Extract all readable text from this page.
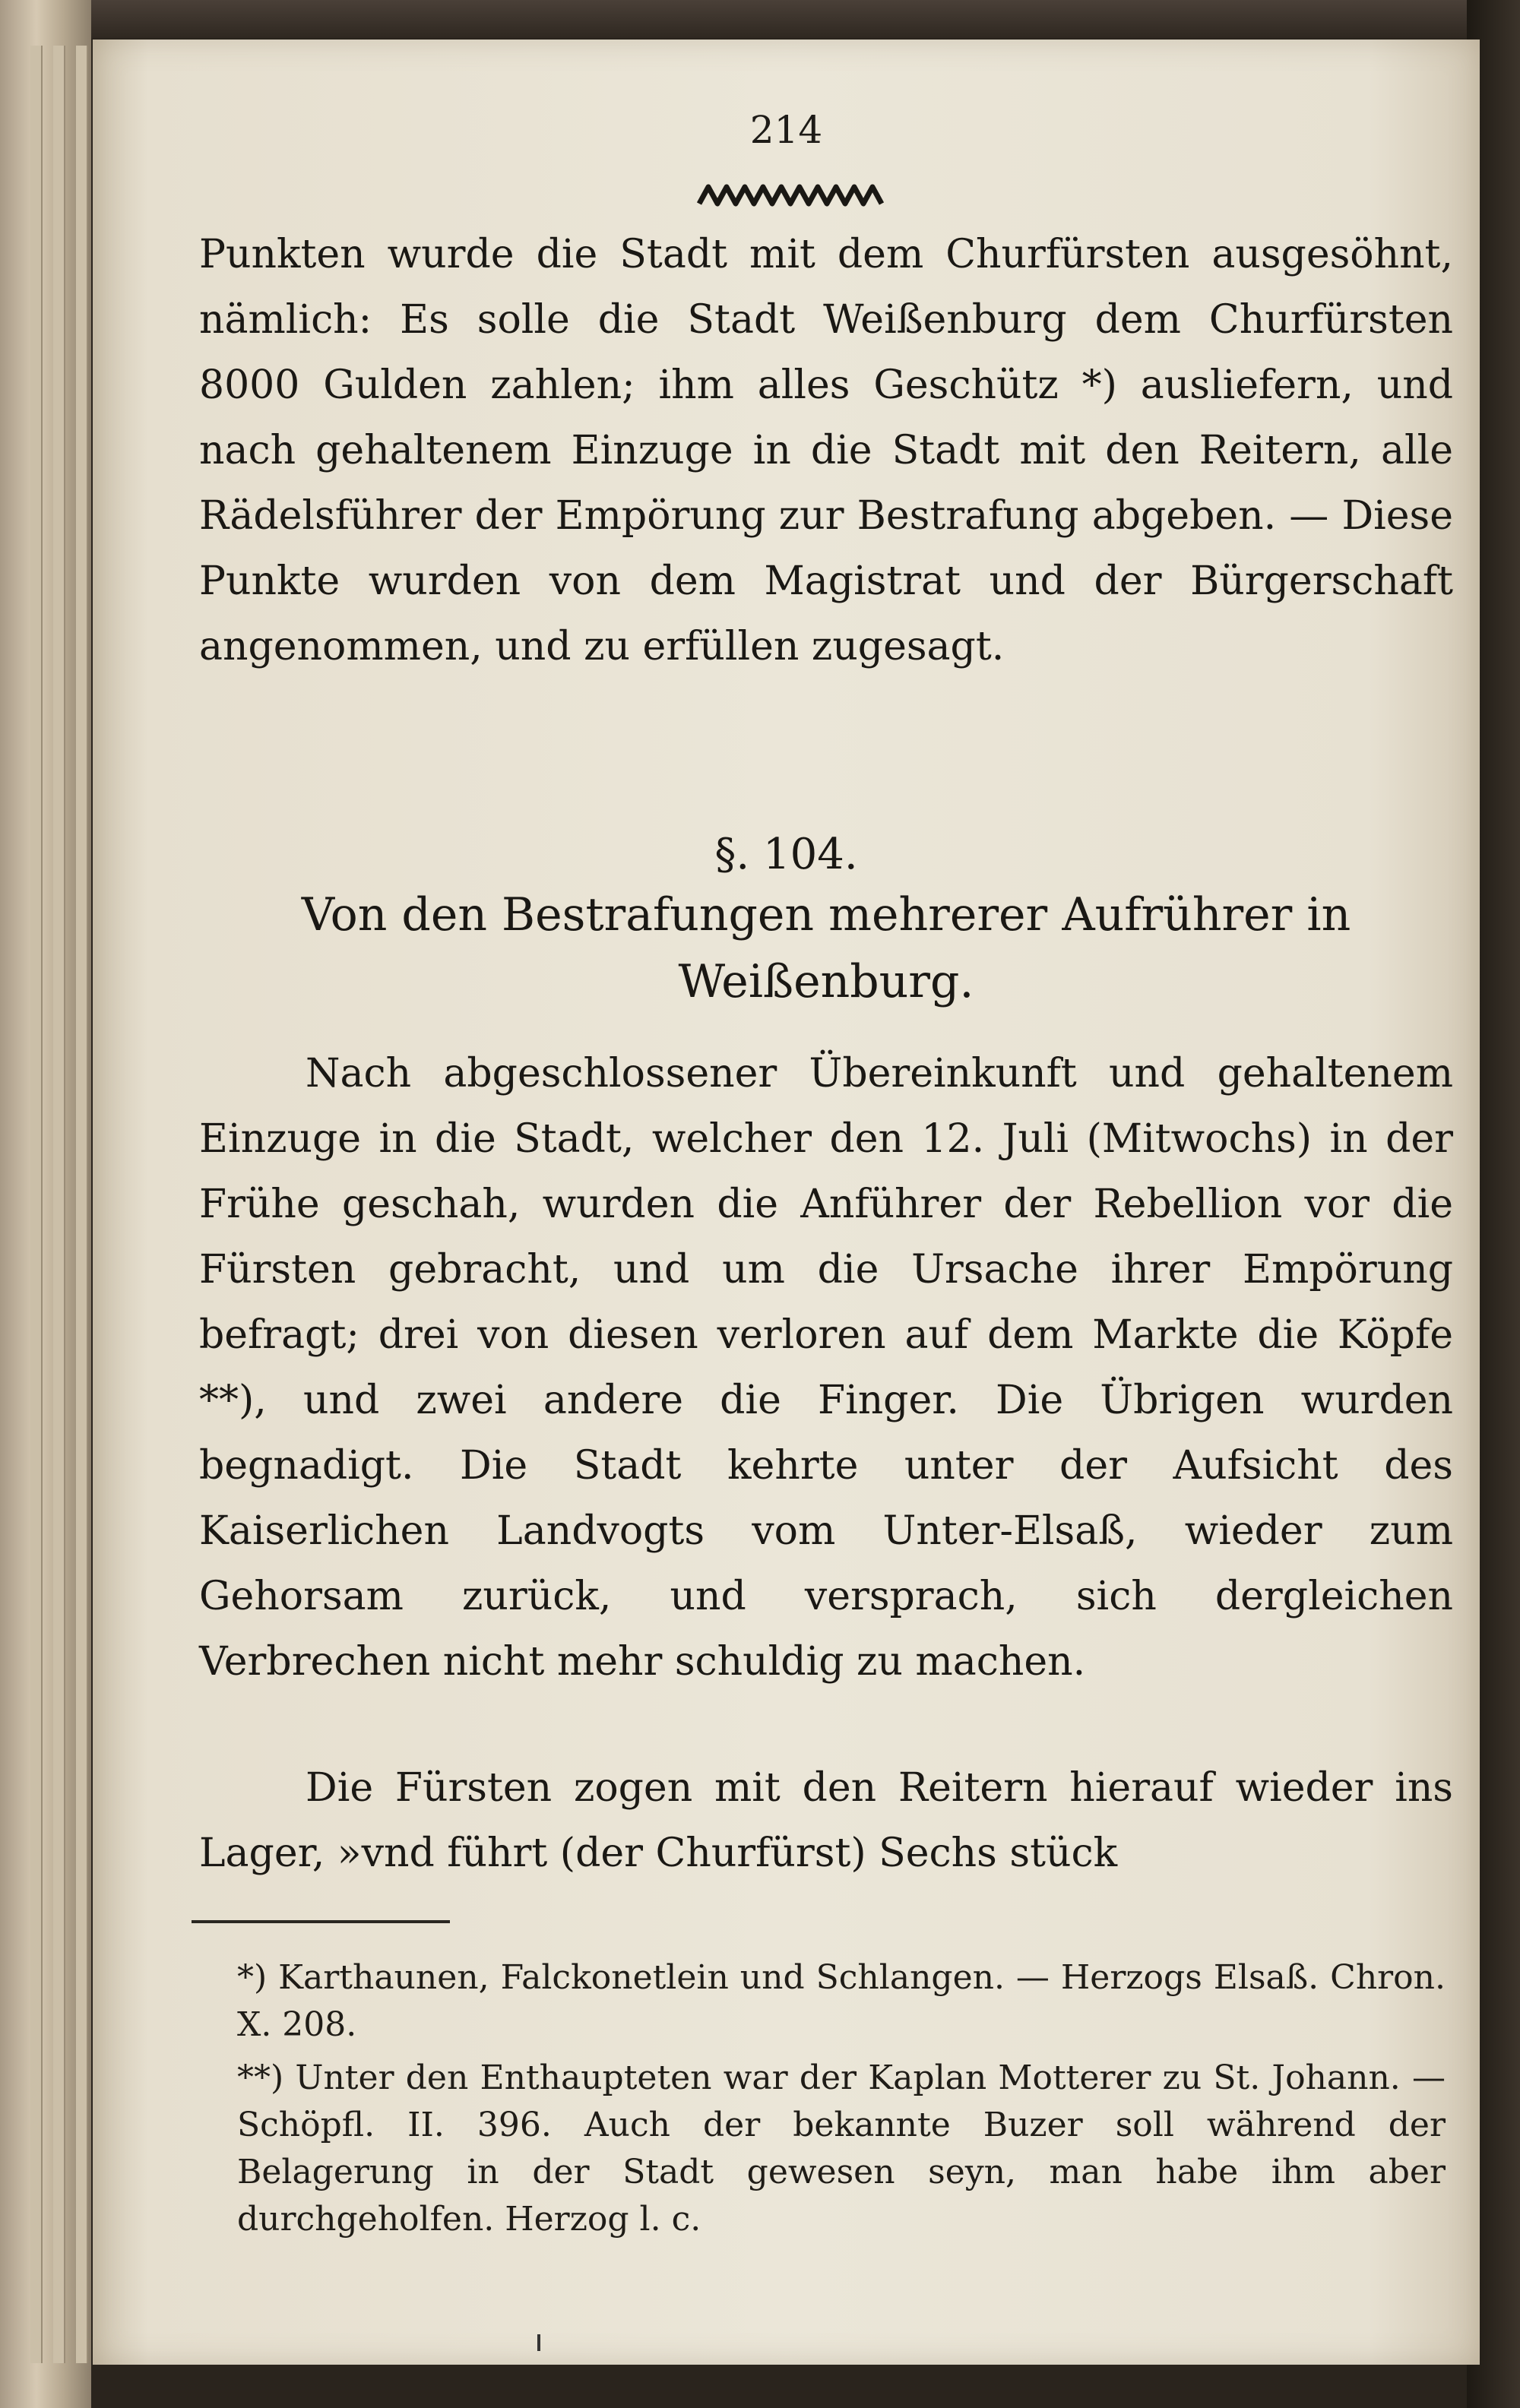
214

Punkten wurde die Stadt mit dem Churfürsten ausgesöhnt, nämlich: Es solle die Stadt Weißenburg dem Churfürsten 8000 Gulden zahlen; ihm alles Geschütz *) ausliefern, und nach gehaltenem Einzuge in die Stadt mit den Reitern, alle Rädelsführer der Empörung zur Bestrafung abgeben. — Diese Punkte wurden von dem Magistrat und der Bürgerschaft angenommen, und zu erfüllen zugesagt.

§. 104.
Von den Bestrafungen mehrerer Aufrührer in Weißenburg.

Nach abgeschlossener Übereinkunft und gehaltenem Einzuge in die Stadt, welcher den 12. Juli (Mitwochs) in der Frühe geschah, wurden die Anführer der Rebellion vor die Fürsten gebracht, und um die Ursache ihrer Empörung befragt; drei von diesen verloren auf dem Markte die Köpfe **), und zwei andere die Finger. Die Übrigen wurden begnadigt. Die Stadt kehrte unter der Aufsicht des Kaiserlichen Landvogts vom Unter-Elsaß, wieder zum Gehorsam zurück, und versprach, sich dergleichen Verbrechen nicht mehr schuldig zu machen.

Die Fürsten zogen mit den Reitern hierauf wieder ins Lager, »vnd führt (der Churfürst) Sechs stück

*) Karthaunen, Falckonetlein und Schlangen. — Herzogs Elsaß. Chron. X. 208.

**) Unter den Enthaupteten war der Kaplan Motterer zu St. Johann. — Schöpfl. II. 396. Auch der bekannte Buzer soll während der Belagerung in der Stadt gewesen seyn, man habe ihm aber durchgeholfen. Herzog l. c.
